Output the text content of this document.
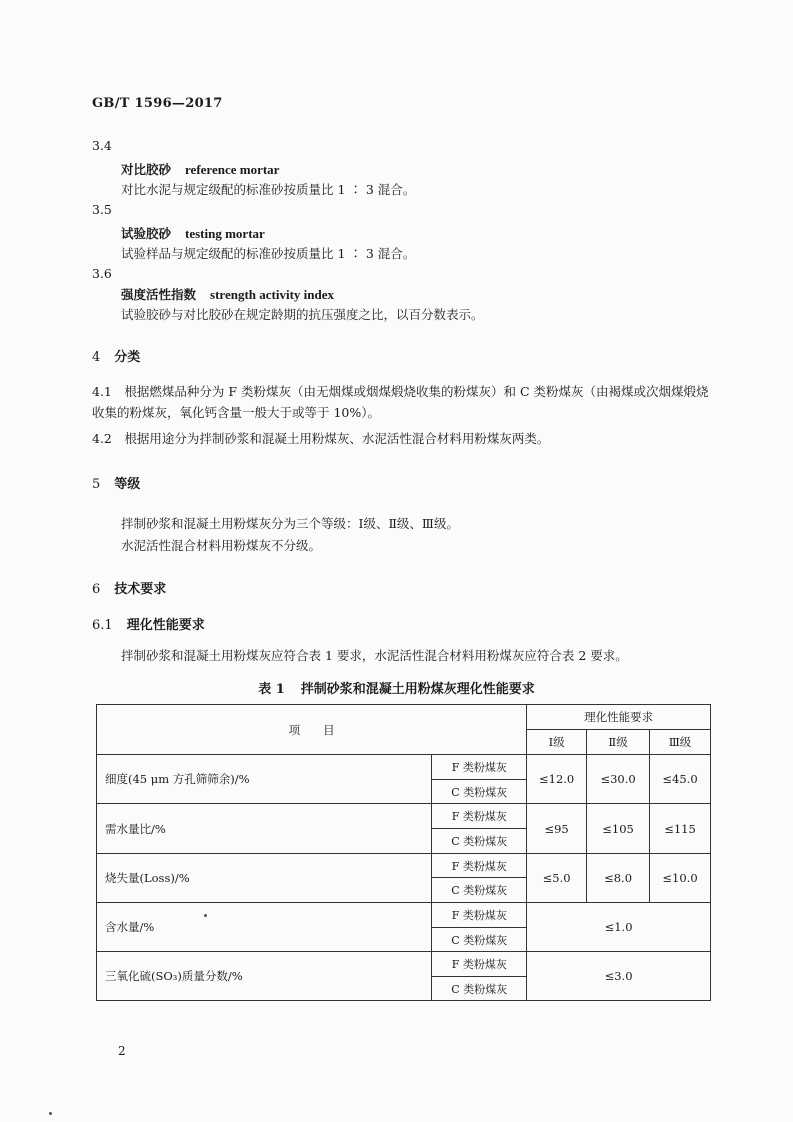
GB/T 1596—2017
3.4
对比胶砂 reference mortar
对比水泥与规定级配的标准砂按质量比 1 ∶ 3 混合。
3.5
试验胶砂 testing mortar
试验样品与规定级配的标准砂按质量比 1 ∶ 3 混合。
3.6
强度活性指数 strength activity index
试验胶砂与对比胶砂在规定龄期的抗压强度之比，以百分数表示。
4 分类
4.1　根据燃煤品种分为 F 类粉煤灰（由无烟煤或烟煤煅烧收集的粉煤灰）和 C 类粉煤灰（由褐煤或次烟煤煅烧收集的粉煤灰，氧化钙含量一般大于或等于 10%）。
4.2　根据用途分为拌制砂浆和混凝土用粉煤灰、水泥活性混合材料用粉煤灰两类。
5 等级
拌制砂浆和混凝土用粉煤灰分为三个等级：Ⅰ级、Ⅱ级、Ⅲ级。
水泥活性混合材料用粉煤灰不分级。
6 技术要求
6.1 理化性能要求
拌制砂浆和混凝土用粉煤灰应符合表 1 要求，水泥活性混合材料用粉煤灰应符合表 2 要求。
表 1 拌制砂浆和混凝土用粉煤灰理化性能要求
项　　目		理化性能要求		
		Ⅰ级	Ⅱ级	Ⅲ级
细度(45 μm 方孔筛筛余)/%	F 类粉煤灰	≤12.0	≤30.0	≤45.0
	C 类粉煤灰			
需水量比/%	F 类粉煤灰	≤95	≤105	≤115
	C 类粉煤灰			
烧失量(Loss)/%	F 类粉煤灰	≤5.0	≤8.0	≤10.0
	C 类粉煤灰			
含水量/%	F 类粉煤灰	≤1.0		
	C 类粉煤灰			
三氧化硫(SO₃)质量分数/%	F 类粉煤灰	≤3.0		
	C 类粉煤灰			
2
